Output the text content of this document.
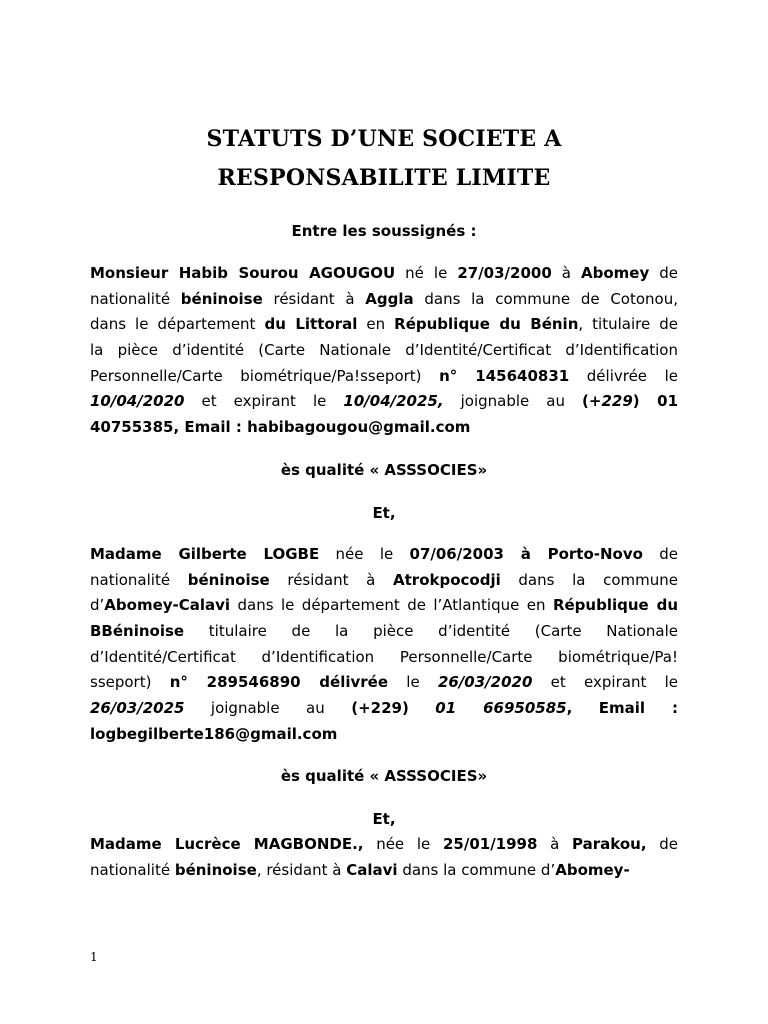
STATUTS D’UNE SOCIETE A
RESPONSABILITE LIMITE

Entre les soussignés :

Monsieur Habib Sourou AGOUGOU né le 27/03/2000 à Abomey de
nationalité béninoise résidant à Aggla dans la commune de Cotonou,
dans le département du Littoral en République du Bénin, titulaire de
la pièce d’identité (Carte Nationale d’Identité/Certificat d’Identification
Personnelle/Carte biométrique/Pa!sseport) n° 145640831 délivrée le
10/04/2020 et expirant le 10/04/2025, joignable au (+229) 01
40755385, Email : habibagougou@gmail.com

ès qualité « ASSSOCIES»

Et,

Madame Gilberte LOGBE née le 07/06/2003 à Porto-Novo de
nationalité béninoise résidant à Atrokpocodji dans la commune
d’Abomey-Calavi dans le département de l’Atlantique en République du
BBéninoise titulaire de la pièce d’identité (Carte Nationale
d’Identité/Certificat d’Identification Personnelle/Carte biométrique/Pa!
sseport) n° 289546890 délivrée le 26/03/2020 et expirant le
26/03/2025 joignable au (+229) 01 66950585, Email :
logbegilberte186@gmail.com

ès qualité « ASSSOCIES»

Et,

Madame Lucrèce MAGBONDE., née le 25/01/1998 à Parakou, de
nationalité béninoise, résidant à Calavi dans la commune d’Abomey-
1
